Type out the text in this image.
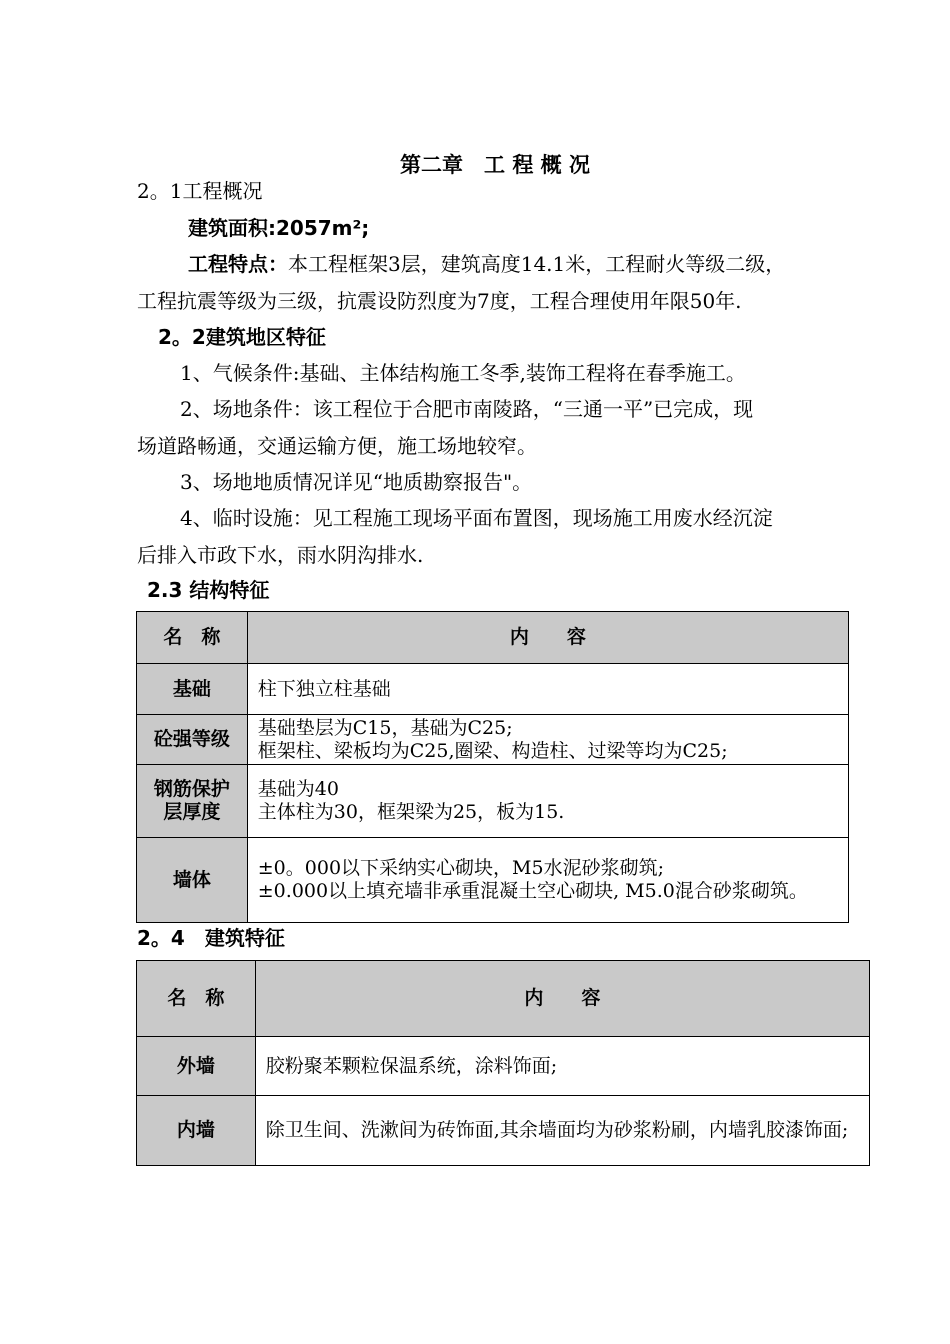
第二章　工 程 概 况
2。1工程概况
建筑面积:2057m²;
工程特点：本工程框架3层，建筑高度14.1米，工程耐火等级二级，
工程抗震等级为三级，抗震设防烈度为7度，工程合理使用年限50年.
2。2建筑地区特征
1、气候条件:基础、主体结构施工冬季,装饰工程将在春季施工。
2、场地条件：该工程位于合肥市南陵路，“三通一平”已完成，现
场道路畅通，交通运输方便，施工场地较窄。
3、场地地质情况详见“地质勘察报告"。
4、临时设施：见工程施工现场平面布置图，现场施工用废水经沉淀
后排入市政下水，雨水阴沟排水.
2.3 结构特征
名　称	内　　容
基础	柱下独立柱基础

砼强等级	基础垫层为C15，基础为C25;
框架柱、梁板均为C25,圈梁、构造柱、过梁等均为C25;

钢筋保护
层厚度	基础为40
主体柱为30，框架梁为25，板为15.

墙体	±0。000以下采纳实心砌块，M5水泥砂浆砌筑;
±0.000以上填充墙非承重混凝土空心砌块, M5.0混合砂浆砌筑。
2。4　建筑特征
名　称	内　　容
外墙	胶粉聚苯颗粒保温系统，涂料饰面;

内墙	除卫生间、洗漱间为砖饰面,其余墙面均为砂浆粉刷，内墙乳胶漆饰面;
